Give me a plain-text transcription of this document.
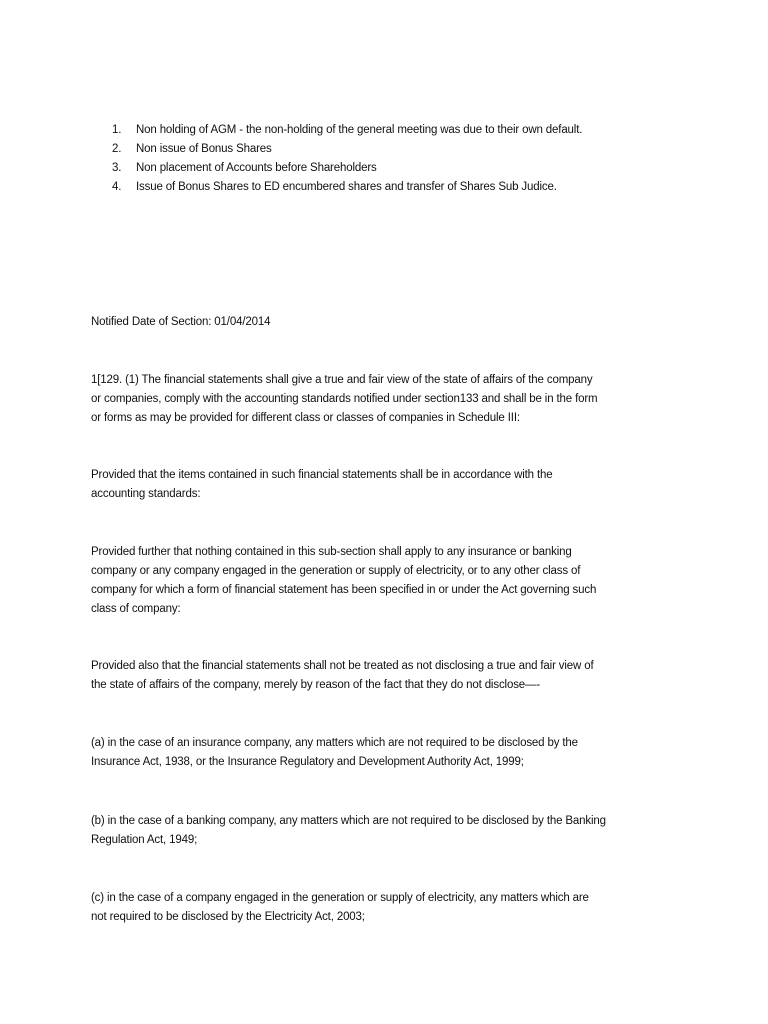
1.	Non holding of AGM - the non-holding of the general meeting was due to their own default.
2.	Non issue of Bonus Shares
3.	Non placement of Accounts before Shareholders
4.	Issue of Bonus Shares to ED encumbered shares and transfer of Shares Sub Judice.

Notified Date of Section: 01/04/2014

1[129. (1) The financial statements shall give a true and fair view of the state of affairs of the company
or companies, comply with the accounting standards notified under section133 and shall be in the form
or forms as may be provided for different class or classes of companies in Schedule III:

Provided that the items contained in such financial statements shall be in accordance with the
accounting standards:

Provided further that nothing contained in this sub-section shall apply to any insurance or banking
company or any company engaged in the generation or supply of electricity, or to any other class of
company for which a form of financial statement has been specified in or under the Act governing such
class of company:

Provided also that the financial statements shall not be treated as not disclosing a true and fair view of
the state of affairs of the company, merely by reason of the fact that they do not disclose—-

(a) in the case of an insurance company, any matters which are not required to be disclosed by the
Insurance Act, 1938, or the Insurance Regulatory and Development Authority Act, 1999;

(b) in the case of a banking company, any matters which are not required to be disclosed by the Banking
Regulation Act, 1949;

(c) in the case of a company engaged in the generation or supply of electricity, any matters which are
not required to be disclosed by the Electricity Act, 2003;
